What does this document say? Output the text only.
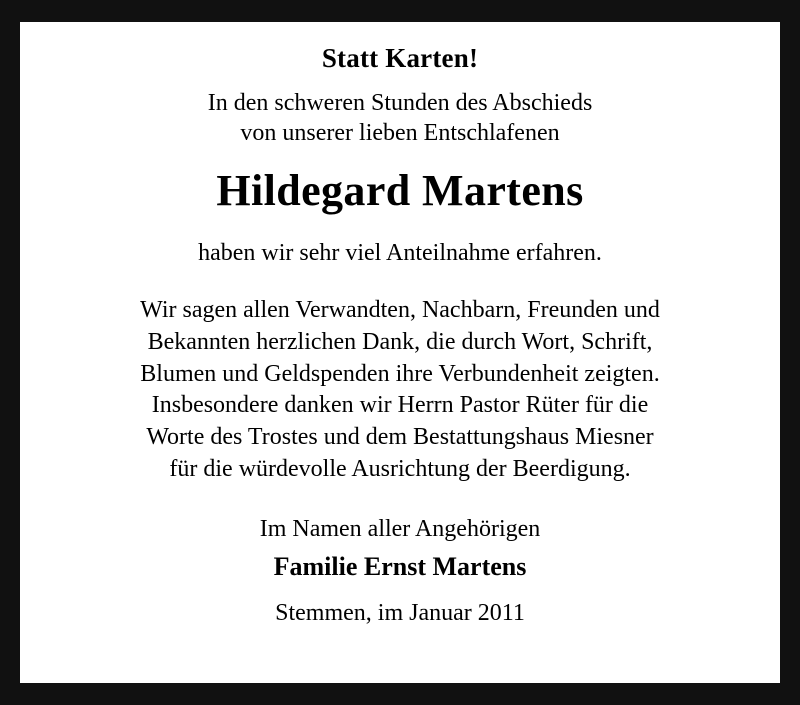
Statt Karten!
In den schweren Stunden des Abschieds
von unserer lieben Entschlafenen
Hildegard Martens
haben wir sehr viel Anteilnahme erfahren.
Wir sagen allen Verwandten, Nachbarn, Freunden und
Bekannten herzlichen Dank, die durch Wort, Schrift,
Blumen und Geldspenden ihre Verbundenheit zeigten.
Insbesondere danken wir Herrn Pastor Rüter für die
Worte des Trostes und dem Bestattungshaus Miesner
für die würdevolle Ausrichtung der Beerdigung.
Im Namen aller Angehörigen
Familie Ernst Martens
Stemmen, im Januar 2011
